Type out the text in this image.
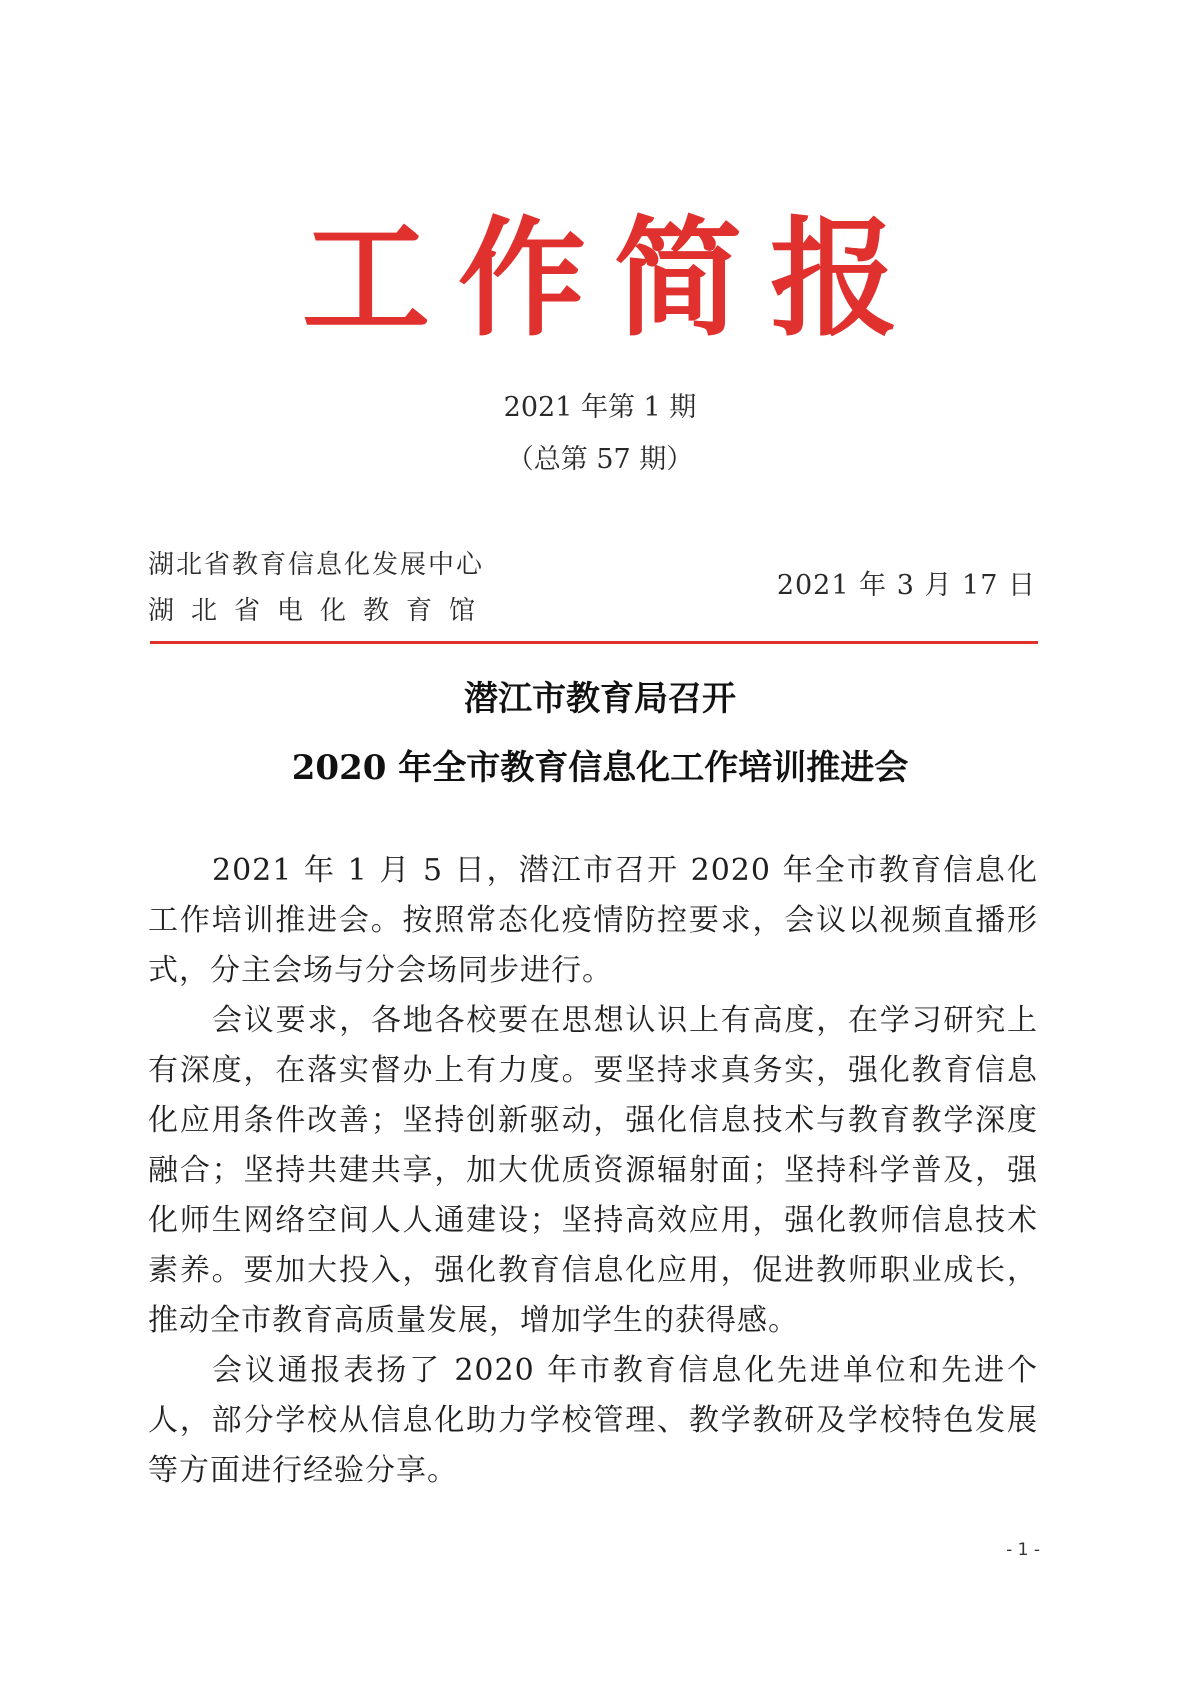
工作简报
2021 年第 1 期
（总第 57 期）
湖北省教育信息化发展中心
湖北省电化教育馆
2021 年 3 月 17 日
潜江市教育局召开
2020 年全市教育信息化工作培训推进会

2021 年 1 月 5 日，潜江市召开 2020 年全市教育信息化工作培训推进会。按照常态化疫情防控要求，会议以视频直播形式，分主会场与分会场同步进行。

会议要求，各地各校要在思想认识上有高度，在学习研究上有深度，在落实督办上有力度。要坚持求真务实，强化教育信息化应用条件改善；坚持创新驱动，强化信息技术与教育教学深度融合；坚持共建共享，加大优质资源辐射面；坚持科学普及，强化师生网络空间人人通建设；坚持高效应用，强化教师信息技术素养。要加大投入，强化教育信息化应用，促进教师职业成长，推动全市教育高质量发展，增加学生的获得感。

会议通报表扬了 2020 年市教育信息化先进单位和先进个人，部分学校从信息化助力学校管理、教学教研及学校特色发展等方面进行经验分享。

- 1 -
